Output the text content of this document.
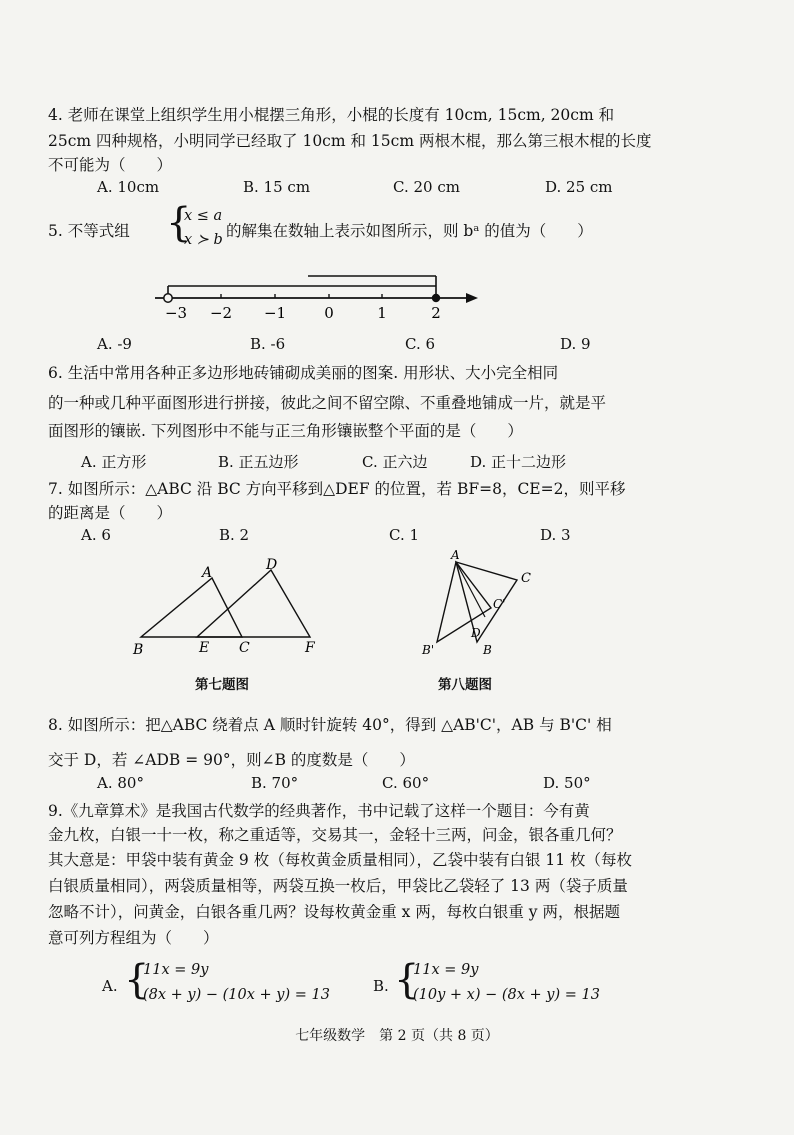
4. 老师在课堂上组织学生用小棍摆三角形，小棍的长度有 10cm, 15cm, 20cm 和
25cm 四种规格，小明同学已经取了 10cm 和 15cm 两根木棍，那么第三根木棍的长度
不可能为（　　）
A. 10cm	B. 15 cm	C. 20 cm	D. 25 cm
5. 不等式组 {
x ≤ a
x ≻ b 的解集在数轴上表示如图所示，则 bᵃ 的值为（　　）
−3 −2 −1	0	1	2
A. -9	B. -6	C. 6	D. 9
6. 生活中常用各种正多边形地砖铺砌成美丽的图案. 用形状、大小完全相同
的一种或几种平面图形进行拼接，彼此之间不留空隙、不重叠地铺成一片，就是平
面图形的镶嵌. 下列图形中不能与正三角形镶嵌整个平面的是（　　）
A. 正方形	B. 正五边形	C. 正六边	D. 正十二边形
7. 如图所示：△ABC 沿 BC 方向平移到△DEF 的位置，若 BF=8，CE=2，则平移
的距离是（　　）
A. 6	B. 2	C. 1	D. 3
A	D
B	E C	F
第七题图
A
C
C'
D
B'	B
第八题图
8. 如图所示：把△ABC 绕着点 A 顺时针旋转 40°，得到 △AB'C'，AB 与 B'C' 相
交于 D，若 ∠ADB = 90°，则∠B 的度数是（　　）
A. 80°	B. 70°	C. 60°	D. 50°
9.《九章算术》是我国古代数学的经典著作，书中记载了这样一个题目：今有黄
金九枚，白银一十一枚，称之重适等，交易其一，金轻十三两，问金，银各重几何？
其大意是：甲袋中装有黄金 9 枚（每枚黄金质量相同），乙袋中装有白银 11 枚（每枚
白银质量相同），两袋质量相等，两袋互换一枚后，甲袋比乙袋轻了 13 两（袋子质量
忽略不计），问黄金，白银各重几两？设每枚黄金重 x 两，每枚白银重 y 两，根据题
意可列方程组为（　　）
A. {
11x = 9y
(8x + y) − (10x + y) = 13	B. {
11x = 9y
(10y + x) − (8x + y) = 13
七年级数学　第 2 页（共 8 页）
